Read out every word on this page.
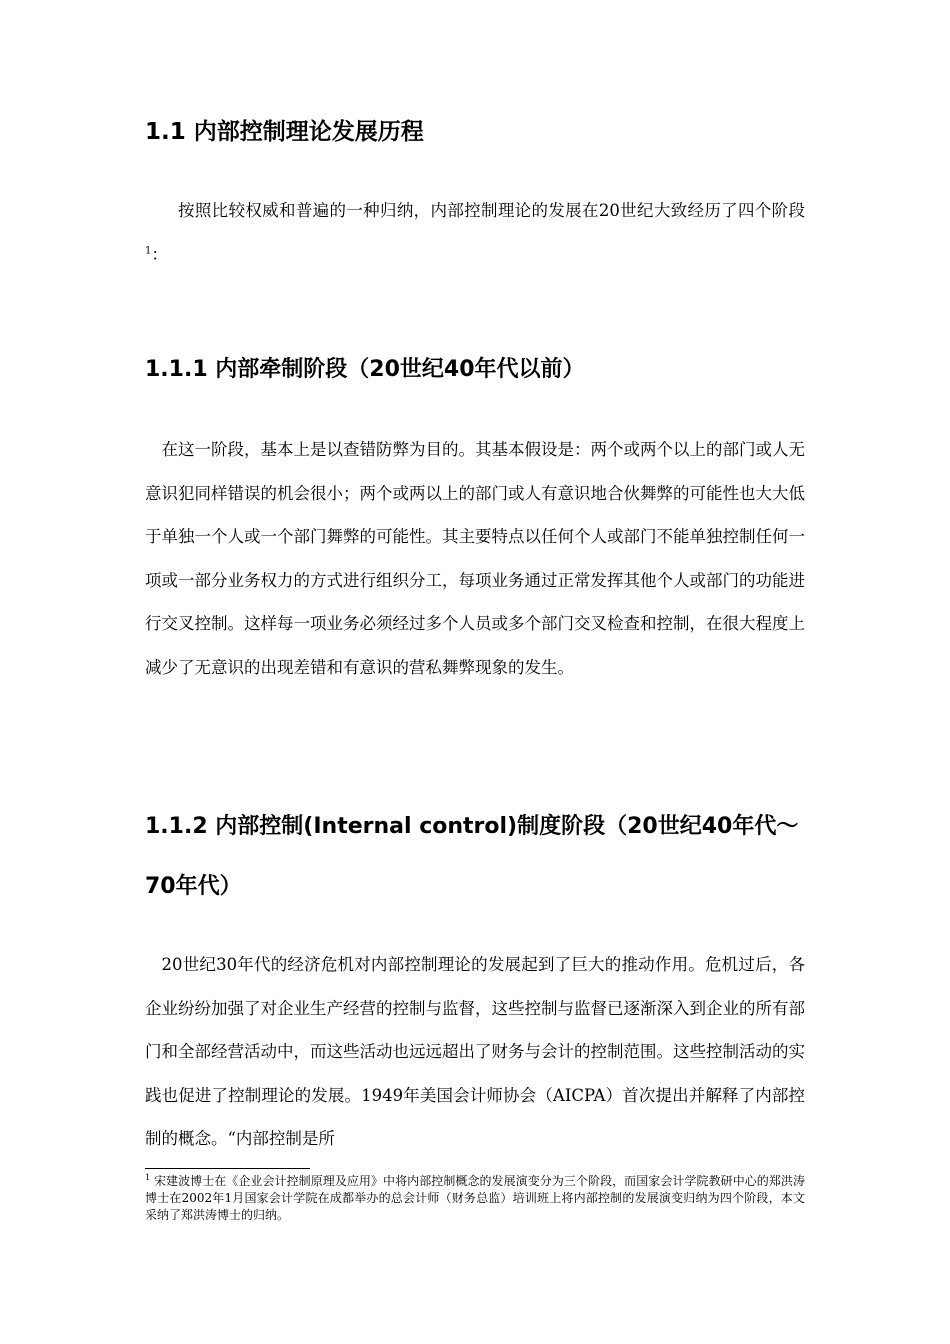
1.1 内部控制理论发展历程

按照比较权威和普遍的一种归纳，内部控制理论的发展在20世纪大致经历了四个阶段$^1$：

1.1.1 内部牵制阶段（20世纪40年代以前）

在这一阶段，基本上是以查错防弊为目的。其基本假设是：两个或两个以上的部门或人无意识犯同样错误的机会很小；两个或两以上的部门或人有意识地合伙舞弊的可能性也大大低于单独一个人或一个部门舞弊的可能性。其主要特点以任何个人或部门不能单独控制任何一项或一部分业务权力的方式进行组织分工，每项业务通过正常发挥其他个人或部门的功能进行交叉控制。这样每一项业务必须经过多个人员或多个部门交叉检查和控制，在很大程度上减少了无意识的出现差错和有意识的营私舞弊现象的发生。

1.1.2 内部控制(Internal control)制度阶段（20世纪40年代～70年代）

20世纪30年代的经济危机对内部控制理论的发展起到了巨大的推动作用。危机过后，各企业纷纷加强了对企业生产经营的控制与监督，这些控制与监督已逐渐深入到企业的所有部门和全部经营活动中，而这些活动也远远超出了财务与会计的控制范围。这些控制活动的实践也促进了控制理论的发展。1949年美国会计师协会（AICPA）首次提出并解释了内部控制的概念。“内部控制是所

$^1$ 宋建波博士在《企业会计控制原理及应用》中将内部控制概念的发展演变分为三个阶段，而国家会计学院教研中心的郑洪涛博士在2002年1月国家会计学院在成都举办的总会计师（财务总监）培训班上将内部控制的发展演变归纳为四个阶段，本文采纳了郑洪涛博士的归纳。
